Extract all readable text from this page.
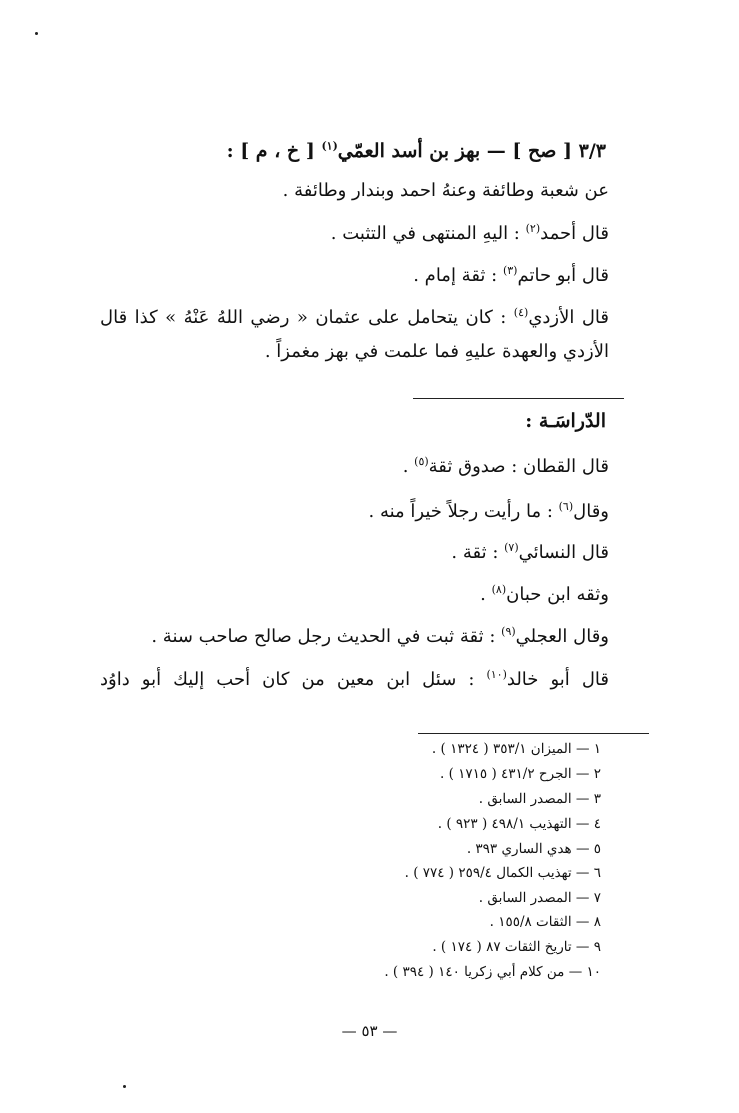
٣/٣ [ صح ] — بهز بن أسد العمّي$^{(١)}$ [ خ ، م ] :
عن شعبة وطائفة وعنهُ احمد وبندار وطائفة .
قال أحمد$^{(٢)}$ : اليهِ المنتهى في التثبت .
قال أبو حاتم$^{(٣)}$ : ثقة إمام .
قال الأزدي$^{(٤)}$ : كان يتحامل على عثمان « رضي اللهُ عَنْهُ » كذا قال
الأزدي والعهدة عليهِ فما علمت في بهز مغمزاً .
الدّراسَـة :
قال القطان : صدوق ثقة$^{(٥)}$ .
وقال$^{(٦)}$ : ما رأيت رجلاً خيراً منه .
قال النسائي$^{(٧)}$ : ثقة .
وثقه ابن حبان$^{(٨)}$ .
وقال العجلي$^{(٩)}$ : ثقة ثبت في الحديث رجل صالح صاحب سنة .
قال أبو خالد$^{(١٠)}$ : سئل ابن معين من كان أحب إليك أبو داوُد
١ — الميزان ٣٥٣/١ ( ١٣٢٤ ) .
٢ — الجرح ٤٣١/٢ ( ١٧١٥ ) .
٣ — المصدر السابق .
٤ — التهذيب ٤٩٨/١ ( ٩٢٣ ) .
٥ — هدي الساري ٣٩٣ .
٦ — تهذيب الكمال ٢٥٩/٤ ( ٧٧٤ ) .
٧ — المصدر السابق .
٨ — الثقات ١٥٥/٨ .
٩ — تاريخ الثقات ٨٧ ( ١٧٤ ) .
١٠ — من كلام أبي زكريا ١٤٠ ( ٣٩٤ ) .
— ٥٣ —
